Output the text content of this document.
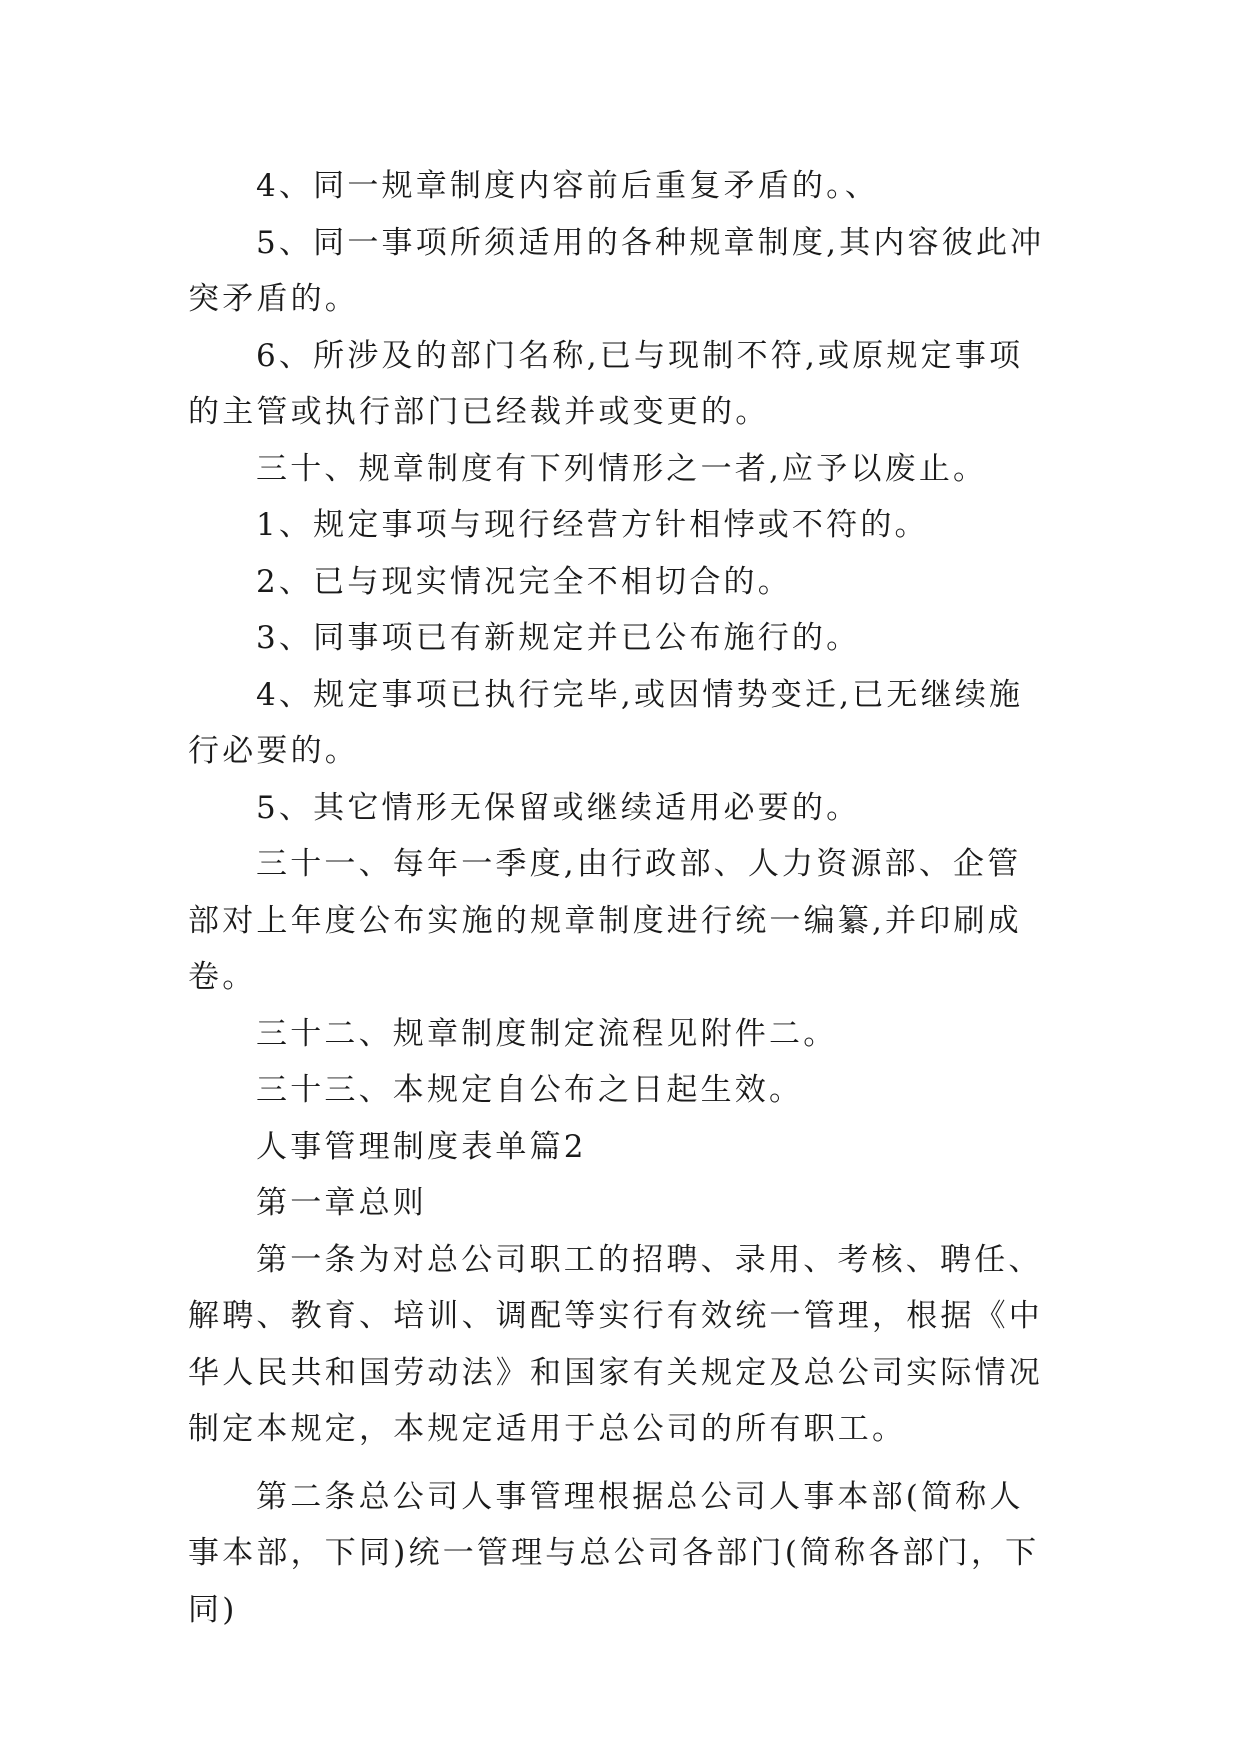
4、同一规章制度内容前后重复矛盾的。、

5、同一事项所须适用的各种规章制度,其内容彼此冲突矛盾的。

6、所涉及的部门名称,已与现制不符,或原规定事项的主管或执行部门已经裁并或变更的。

三十、规章制度有下列情形之一者,应予以废止。

1、规定事项与现行经营方针相悖或不符的。

2、已与现实情况完全不相切合的。

3、同事项已有新规定并已公布施行的。

4、规定事项已执行完毕,或因情势变迁,已无继续施行必要的。

5、其它情形无保留或继续适用必要的。

三十一、每年一季度,由行政部、人力资源部、企管部对上年度公布实施的规章制度进行统一编纂,并印刷成卷。

三十二、规章制度制定流程见附件二。

三十三、本规定自公布之日起生效。

人事管理制度表单篇2

第一章总则

第一条为对总公司职工的招聘、录用、考核、聘任、解聘、教育、培训、调配等实行有效统一管理，根据《中华人民共和国劳动法》和国家有关规定及总公司实际情况制定本规定，本规定适用于总公司的所有职工。

第二条总公司人事管理根据总公司人事本部(简称人事本部，下同)统一管理与总公司各部门(简称各部门，下同)
